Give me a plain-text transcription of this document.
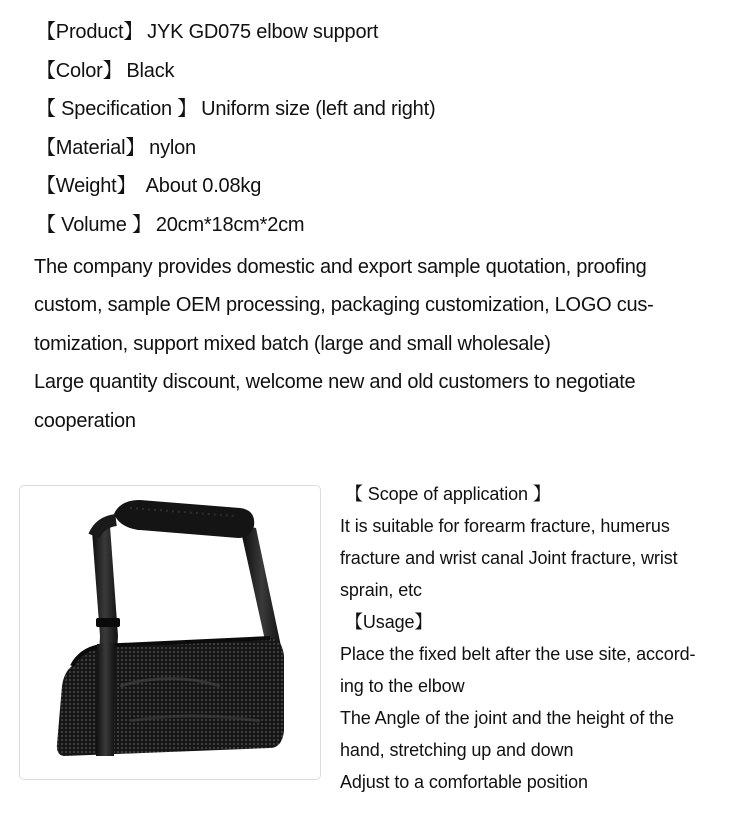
【Product】 JYK GD075 elbow support
【Color】 Black
【 Specification 】 Uniform size (left and right)
【Material】 nylon
【Weight】 About 0.08kg
【 Volume 】 20cm*18cm*2cm

The company provides domestic and export sample quotation, proofing

custom, sample OEM processing, packaging customization, LOGO cus-

tomization, support mixed batch (large and small wholesale)

Large quantity discount, welcome new and old customers to negotiate

cooperation

【 Scope of application 】

It is suitable for forearm fracture, humerus

fracture and wrist canal Joint fracture, wrist

sprain, etc

【Usage】

Place the fixed belt after the use site, accord-

ing to the elbow

The Angle of the joint and the height of the

hand, stretching up and down

Adjust to a comfortable position
